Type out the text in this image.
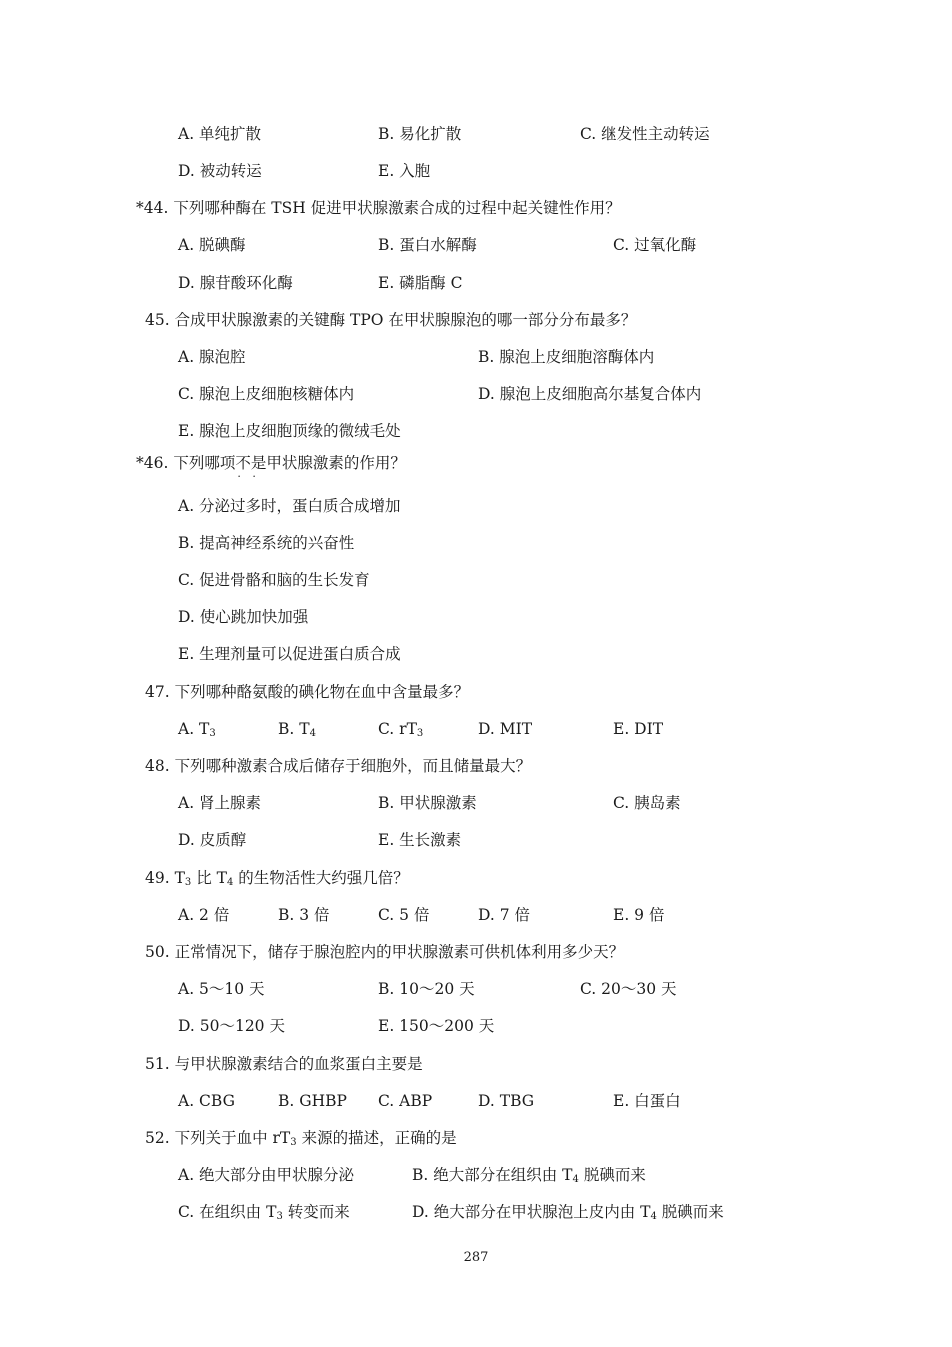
A. 单纯扩散	B. 易化扩散	C. 继发性主动转运
D. 被动转运	E. 入胞
*44. 下列哪种酶在 TSH 促进甲状腺激素合成的过程中起关键性作用？
A. 脱碘酶	B. 蛋白水解酶	C. 过氧化酶
D. 腺苷酸环化酶	E. 磷脂酶 C
45. 合成甲状腺激素的关键酶 TPO 在甲状腺腺泡的哪一部分分布最多？
A. 腺泡腔	B. 腺泡上皮细胞溶酶体内
C. 腺泡上皮细胞核糖体内	D. 腺泡上皮细胞高尔基复合体内
E. 腺泡上皮细胞顶缘的微绒毛处
*46. 下列哪项不是 · ·甲状腺激素的作用？
A. 分泌过多时，蛋白质合成增加
B. 提高神经系统的兴奋性
C. 促进骨骼和脑的生长发育
D. 使心跳加快加强
E. 生理剂量可以促进蛋白质合成
47. 下列哪种酪氨酸的碘化物在血中含量最多？
A. $T_3$	B. $T_4$	C. $rT_3$	D. MIT	E. DIT
48. 下列哪种激素合成后储存于细胞外，而且储量最大？
A. 肾上腺素	B. 甲状腺激素	C. 胰岛素
D. 皮质醇	E. 生长激素
49. $T_3$ 比 $T_4$ 的生物活性大约强几倍？
A. 2 倍	B. 3 倍	C. 5 倍	D. 7 倍	E. 9 倍
50. 正常情况下，储存于腺泡腔内的甲状腺激素可供机体利用多少天？
A. 5～10 天	B. 10～20 天	C. 20～30 天
D. 50～120 天	E. 150～200 天
51. 与甲状腺激素结合的血浆蛋白主要是
A. CBG	B. GHBP C. ABP	D. TBG	E. 白蛋白
52. 下列关于血中 $rT_3$ 来源的描述，正确的是
A. 绝大部分由甲状腺分泌	B. 绝大部分在组织由 $T_4$ 脱碘而来
C. 在组织由 $T_3$ 转变而来	D. 绝大部分在甲状腺泡上皮内由 $T_4$ 脱碘而来
287
